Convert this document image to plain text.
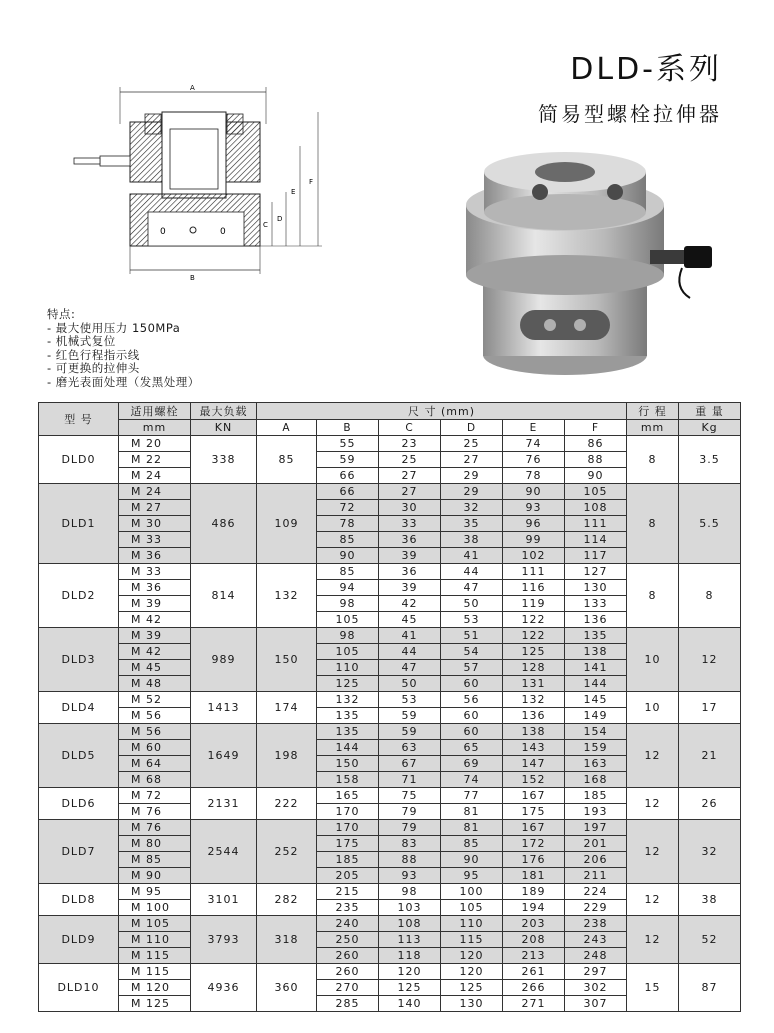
DLD-系列
简易型螺栓拉伸器
A
0	0
B
C
D
E
F
特点:
- 最大使用压力 150MPa
- 机械式复位
- 红色行程指示线
- 可更换的拉伸头
- 磨光表面处理（发黑处理）
型 号	适用螺栓	最大负载	尺 寸 (mm)						行 程	重 量
	mm	KN	A	B	C	D	E	F	mm	Kg
DLD0	M 20	338	85	55	23	25	74	86	8	3.5
	M 22			59	25	27	76	88		
	M 24			66	27	29	78	90		
DLD1	M 24	486	109	66	27	29	90	105	8	5.5
	M 27			72	30	32	93	108		
	M 30			78	33	35	96	111		
	M 33			85	36	38	99	114		
	M 36			90	39	41	102	117		
DLD2	M 33	814	132	85	36	44	111	127	8	8
	M 36			94	39	47	116	130		
	M 39			98	42	50	119	133		
	M 42			105	45	53	122	136		
DLD3	M 39	989	150	98	41	51	122	135	10	12
	M 42			105	44	54	125	138		
	M 45			110	47	57	128	141		
	M 48			125	50	60	131	144		
DLD4	M 52	1413	174	132	53	56	132	145	10	17
	M 56			135	59	60	136	149		
DLD5	M 56	1649	198	135	59	60	138	154	12	21
	M 60			144	63	65	143	159		
	M 64			150	67	69	147	163		
	M 68			158	71	74	152	168		
DLD6	M 72	2131	222	165	75	77	167	185	12	26
	M 76			170	79	81	175	193		
DLD7	M 76	2544	252	170	79	81	167	197	12	32
	M 80			175	83	85	172	201		
	M 85			185	88	90	176	206		
	M 90			205	93	95	181	211		
DLD8	M 95	3101	282	215	98	100	189	224	12	38
	M 100			235	103	105	194	229		
DLD9	M 105	3793	318	240	108	110	203	238	12	52
	M 110			250	113	115	208	243		
	M 115			260	118	120	213	248		
DLD10	M 115	4936	360	260	120	120	261	297	15	87
	M 120			270	125	125	266	302		
	M 125			285	140	130	271	307		
